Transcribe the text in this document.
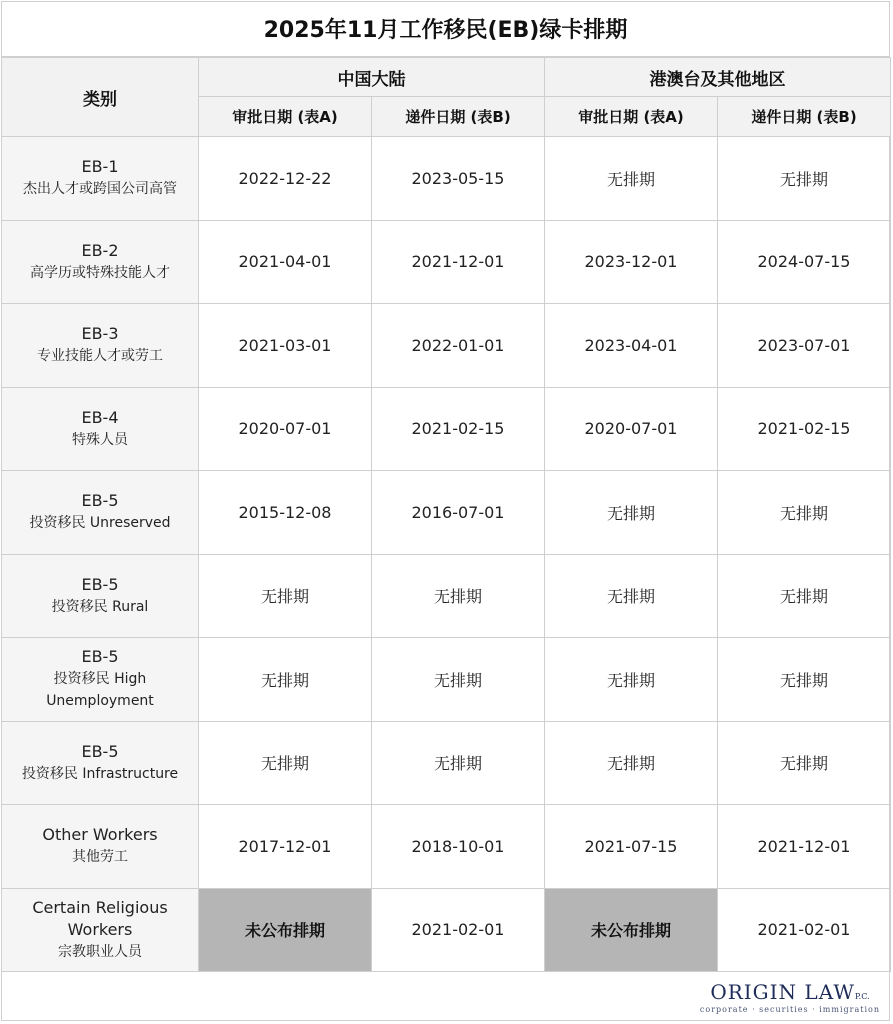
2025年11月工作移民(EB)绿卡排期
类别	中国大陆		港澳台及其他地区	
	审批日期 (表A)	递件日期 (表B)	审批日期 (表A)	递件日期 (表B)

EB-1
杰出人才或跨国公司高管	2022-12-22	2023-05-15	无排期	无排期

EB-2
高学历或特殊技能人才	2021-04-01	2021-12-01	2023-12-01	2024-07-15

EB-3
专业技能人才或劳工	2021-03-01	2022-01-01	2023-04-01	2023-07-01

EB-4
特殊人员	2020-07-01	2021-02-15	2020-07-01	2021-02-15

EB-5
投资移民 Unreserved	2015-12-08	2016-07-01	无排期	无排期

EB-5
投资移民 Rural	无排期	无排期	无排期	无排期

EB-5
投资移民 High Unemployment	无排期	无排期	无排期	无排期

EB-5
投资移民 Infrastructure	无排期	无排期	无排期	无排期

Other Workers
其他劳工	2017-12-01	2018-10-01	2021-07-15	2021-12-01

Certain Religious Workers
宗教职业人员	未公布排期	2021-02-01	未公布排期	2021-02-01
ORIGIN LAWP.C.
corporate · securities · immigration
